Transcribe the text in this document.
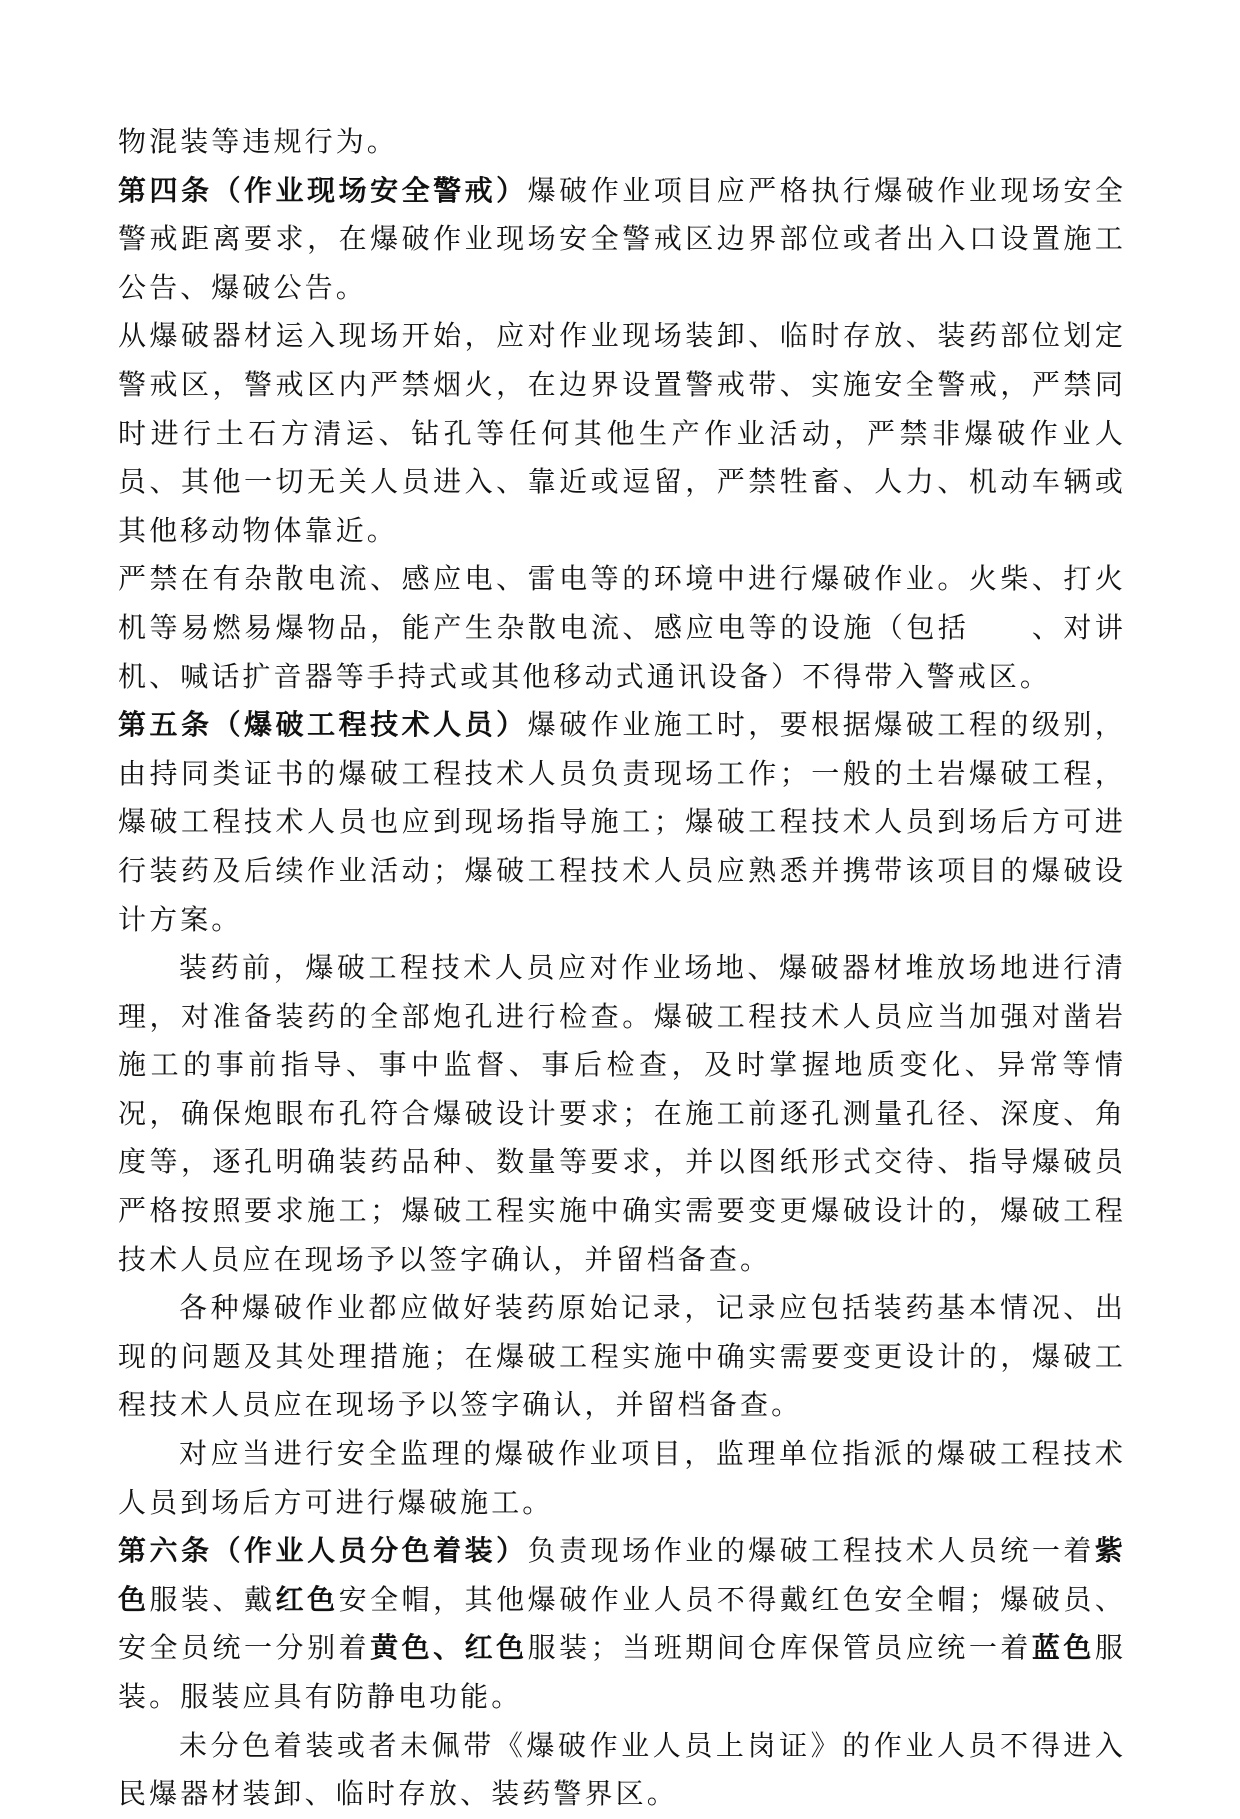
物混装等违规行为。

第四条（作业现场安全警戒）爆破作业项目应严格执行爆破作业现场安全警戒距离要求，在爆破作业现场安全警戒区边界部位或者出入口设置施工公告、爆破公告。

从爆破器材运入现场开始，应对作业现场装卸、临时存放、装药部位划定警戒区，警戒区内严禁烟火，在边界设置警戒带、实施安全警戒，严禁同时进行土石方清运、钻孔等任何其他生产作业活动，严禁非爆破作业人员、其他一切无关人员进入、靠近或逗留，严禁牲畜、人力、机动车辆或其他移动物体靠近。

严禁在有杂散电流、感应电、雷电等的环境中进行爆破作业。火柴、打火机等易燃易爆物品，能产生杂散电流、感应电等的设施（包括 、对讲机、喊话扩音器等手持式或其他移动式通讯设备）不得带入警戒区。

第五条（爆破工程技术人员）爆破作业施工时，要根据爆破工程的级别，由持同类证书的爆破工程技术人员负责现场工作；一般的土岩爆破工程，爆破工程技术人员也应到现场指导施工；爆破工程技术人员到场后方可进行装药及后续作业活动；爆破工程技术人员应熟悉并携带该项目的爆破设计方案。

装药前，爆破工程技术人员应对作业场地、爆破器材堆放场地进行清理，对准备装药的全部炮孔进行检查。爆破工程技术人员应当加强对凿岩施工的事前指导、事中监督、事后检查，及时掌握地质变化、异常等情况，确保炮眼布孔符合爆破设计要求；在施工前逐孔测量孔径、深度、角度等，逐孔明确装药品种、数量等要求，并以图纸形式交待、指导爆破员严格按照要求施工；爆破工程实施中确实需要变更爆破设计的，爆破工程技术人员应在现场予以签字确认，并留档备查。

各种爆破作业都应做好装药原始记录，记录应包括装药基本情况、出现的问题及其处理措施；在爆破工程实施中确实需要变更设计的，爆破工程技术人员应在现场予以签字确认，并留档备查。

对应当进行安全监理的爆破作业项目，监理单位指派的爆破工程技术人员到场后方可进行爆破施工。

第六条（作业人员分色着装）负责现场作业的爆破工程技术人员统一着紫色服装、戴红色安全帽，其他爆破作业人员不得戴红色安全帽；爆破员、安全员统一分别着黄色、红色服装；当班期间仓库保管员应统一着蓝色服装。服装应具有防静电功能。

未分色着装或者未佩带《爆破作业人员上岗证》的作业人员不得进入民爆器材装卸、临时存放、装药警界区。
